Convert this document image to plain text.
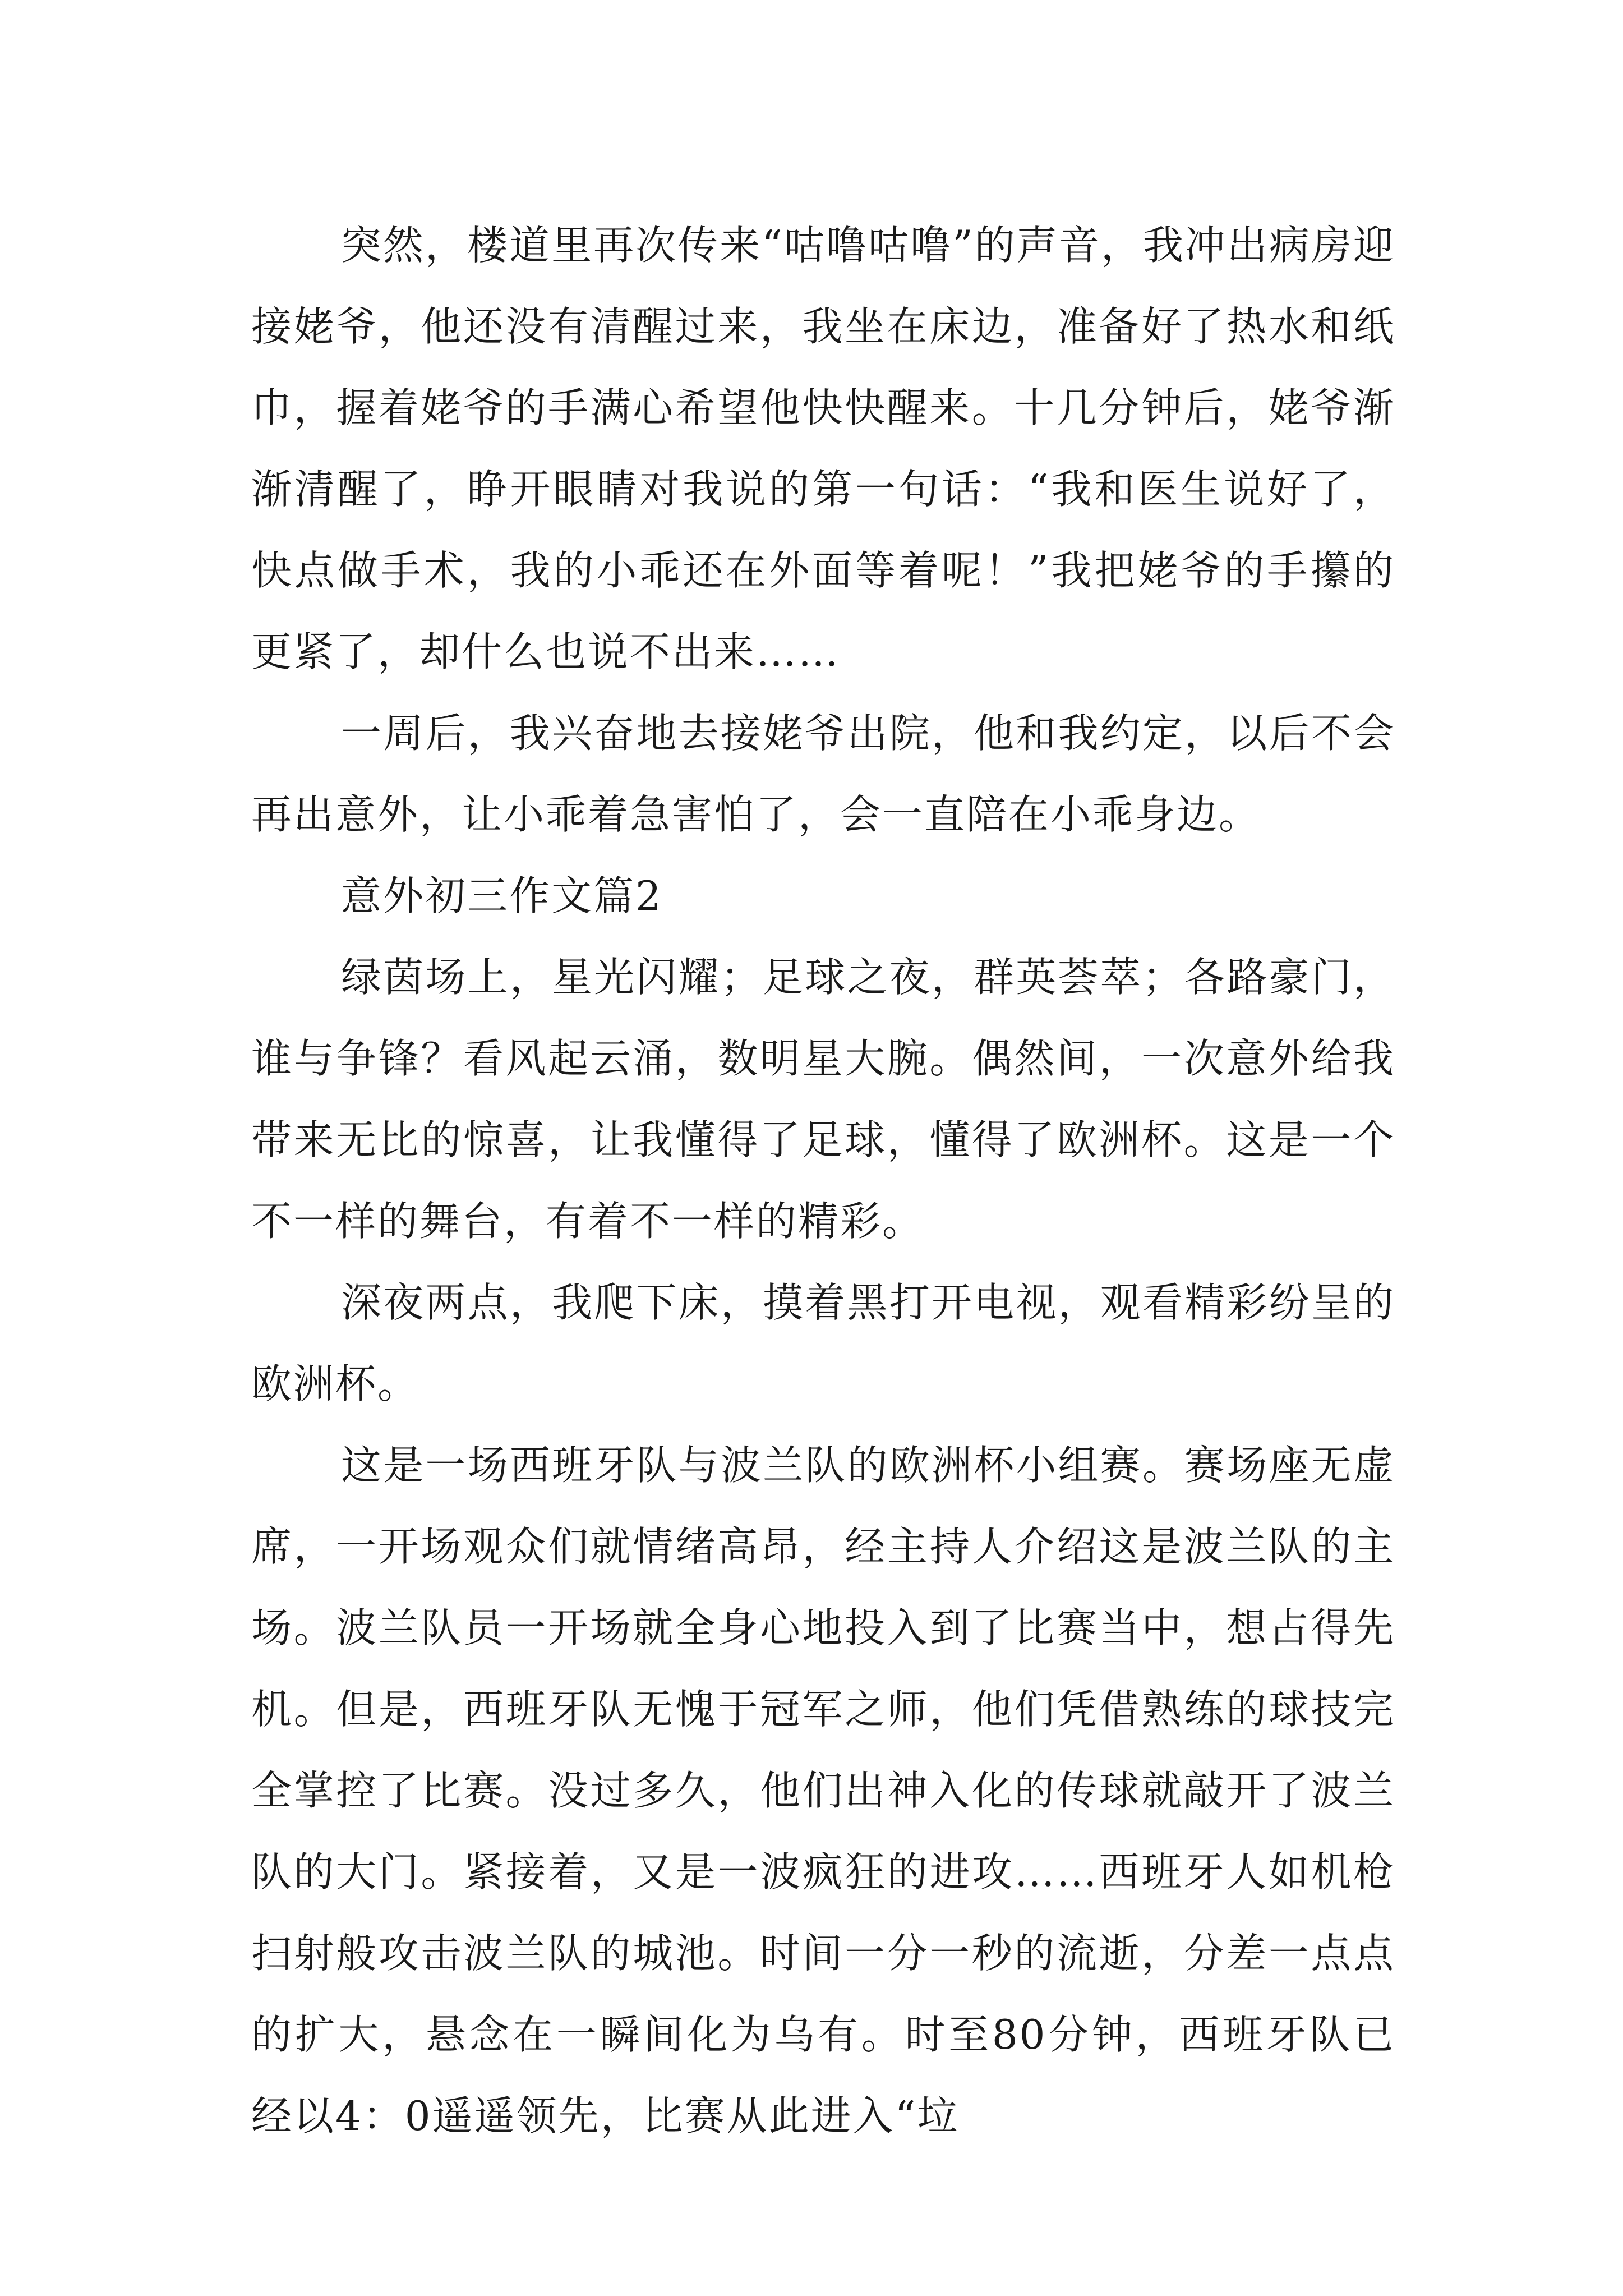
突然，楼道里再次传来“咕噜咕噜”的声音，我冲出病房迎接姥爷，他还没有清醒过来，我坐在床边，准备好了热水和纸巾，握着姥爷的手满心希望他快快醒来。十几分钟后，姥爷渐渐清醒了，睁开眼睛对我说的第一句话：“我和医生说好了，快点做手术，我的小乖还在外面等着呢！”我把姥爷的手攥的更紧了，却什么也说不出来……

一周后，我兴奋地去接姥爷出院，他和我约定，以后不会再出意外，让小乖着急害怕了，会一直陪在小乖身边。

意外初三作文篇2

绿茵场上，星光闪耀；足球之夜，群英荟萃；各路豪门，谁与争锋？看风起云涌，数明星大腕。偶然间，一次意外给我带来无比的惊喜，让我懂得了足球，懂得了欧洲杯。这是一个不一样的舞台，有着不一样的精彩。

深夜两点，我爬下床，摸着黑打开电视，观看精彩纷呈的欧洲杯。

这是一场西班牙队与波兰队的欧洲杯小组赛。赛场座无虚席，一开场观众们就情绪高昂，经主持人介绍这是波兰队的主场。波兰队员一开场就全身心地投入到了比赛当中，想占得先机。但是，西班牙队无愧于冠军之师，他们凭借熟练的球技完全掌控了比赛。没过多久，他们出神入化的传球就敲开了波兰队的大门。紧接着，又是一波疯狂的进攻……西班牙人如机枪扫射般攻击波兰队的城池。时间一分一秒的流逝，分差一点点的扩大，悬念在一瞬间化为乌有。时至80分钟，西班牙队已经以4：0遥遥领先，比赛从此进入“垃
